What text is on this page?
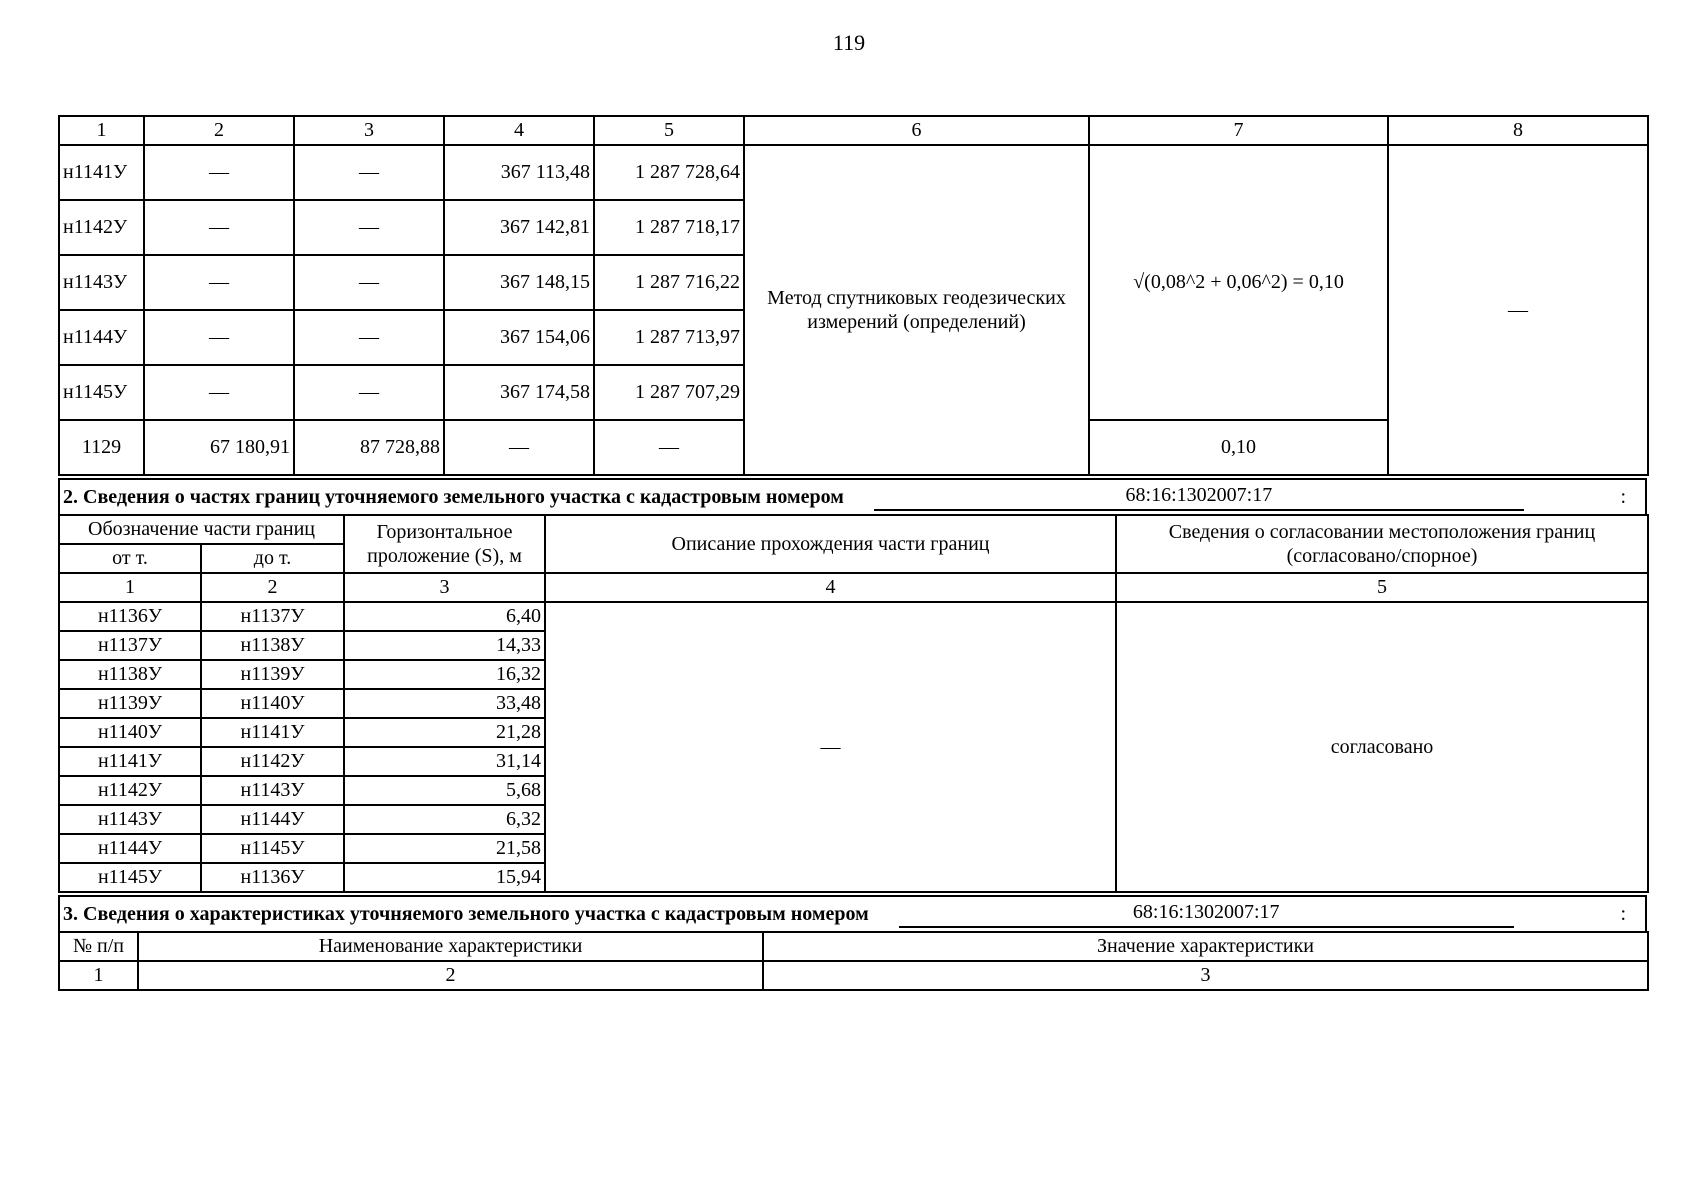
119
1	2	3	4	5	6	7	8
н1141У	—	—	367 113,48	1 287 728,64	Метод спутниковых геодезических измерений (определений)	√(0,08^2 + 0,06^2) = 0,10	—
н1142У	—	—	367 142,81	1 287 718,17			
н1143У	—	—	367 148,15	1 287 716,22			
н1144У	—	—	367 154,06	1 287 713,97			
н1145У	—	—	367 174,58	1 287 707,29			
1129	67 180,91	87 728,88	—	—		0,10	
2. Сведения о частях границ уточняемого земельного участка с кадастровым номером	68:16:1302007:17	:
Обозначение части границ		Горизонтальное проложение (S), м	Описание прохождения части границ	Сведения о согласовании местоположения границ (согласовано/спорное)
от т.	до т.			
1	2	3	4	5
н1136У	н1137У	6,40	—	согласовано
н1137У	н1138У	14,33		
н1138У	н1139У	16,32		
н1139У	н1140У	33,48		
н1140У	н1141У	21,28		
н1141У	н1142У	31,14		
н1142У	н1143У	5,68		
н1143У	н1144У	6,32		
н1144У	н1145У	21,58		
н1145У	н1136У	15,94		
3. Сведения о характеристиках уточняемого земельного участка с кадастровым номером	68:16:1302007:17	:
№ п/п	Наименование характеристики	Значение характеристики
1	2	3
